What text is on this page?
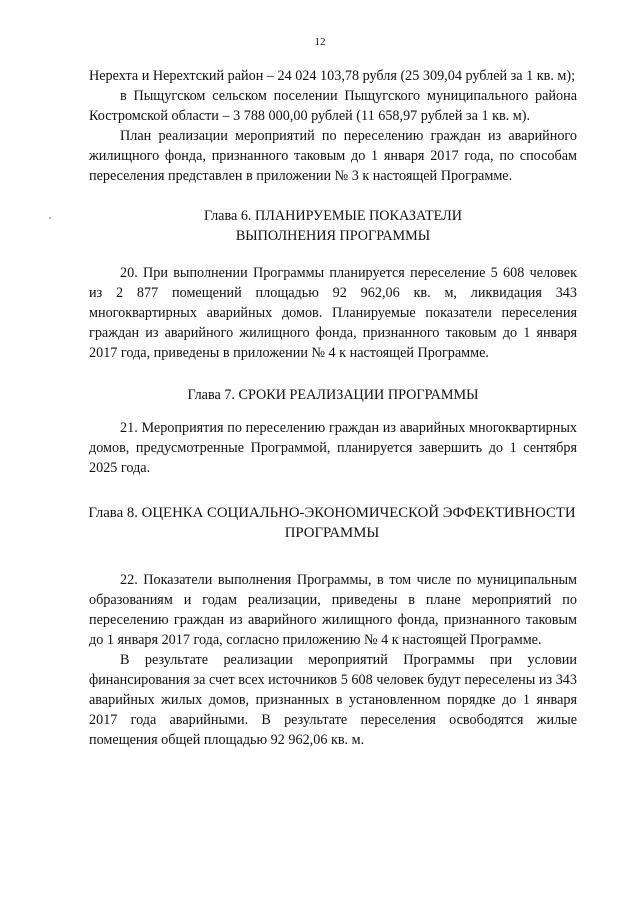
12

Нерехта и Нерехтский район – 24 024 103,78 рубля (25 309,04 рублей за 1 кв. м);

в Пыщугском сельском поселении Пыщугского муниципального района Костромской области – 3 788 000,00 рублей (11 658,97 рублей за 1 кв. м).

План реализации мероприятий по переселению граждан из аварийного жилищного фонда, признанного таковым до 1 января 2017 года, по способам переселения представлен в приложении № 3 к настоящей Программе.

Глава 6. ПЛАНИРУЕМЫЕ ПОКАЗАТЕЛИ
ВЫПОЛНЕНИЯ ПРОГРАММЫ

20. При выполнении Программы планируется переселение 5 608 человек из 2 877 помещений площадью 92 962,06 кв. м, ликвидация 343 многоквартирных аварийных домов. Планируемые показатели переселения граждан из аварийного жилищного фонда, признанного таковым до 1 января 2017 года, приведены в приложении № 4 к настоящей Программе.

Глава 7. СРОКИ РЕАЛИЗАЦИИ ПРОГРАММЫ

21. Мероприятия по переселению граждан из аварийных многоквартирных домов, предусмотренные Программой, планируется завершить до 1 сентября 2025 года.

Глава 8. ОЦЕНКА СОЦИАЛЬНО-ЭКОНОМИЧЕСКОЙ ЭФФЕКТИВНОСТИ
ПРОГРАММЫ

22. Показатели выполнения Программы, в том числе по муниципальным образованиям и годам реализации, приведены в плане мероприятий по переселению граждан из аварийного жилищного фонда, признанного таковым до 1 января 2017 года, согласно приложению № 4 к настоящей Программе.

В результате реализации мероприятий Программы при условии финансирования за счет всех источников 5 608 человек будут переселены из 343 аварийных жилых домов, признанных в установленном порядке до 1 января 2017 года аварийными. В результате переселения освободятся жилые помещения общей площадью 92 962,06 кв. м.
